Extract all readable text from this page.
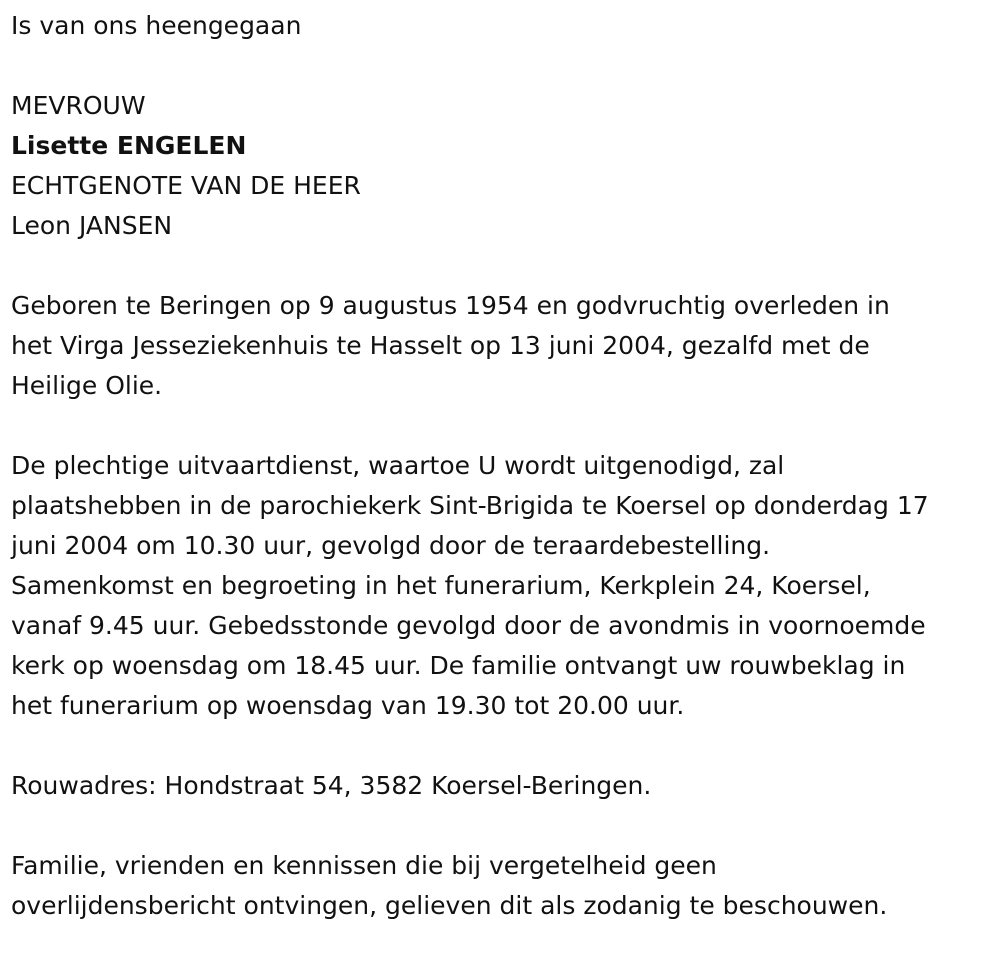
Is van ons heengegaan

MEVROUW

Lisette ENGELEN

ECHTGENOTE VAN DE HEER

Leon JANSEN

Geboren te Beringen op 9 augustus 1954 en godvruchtig overleden in
het Virga Jesseziekenhuis te Hasselt op 13 juni 2004, gezalfd met de
Heilige Olie.

De plechtige uitvaartdienst, waartoe U wordt uitgenodigd, zal
plaatshebben in de parochiekerk Sint-Brigida te Koersel op donderdag 17
juni 2004 om 10.30 uur, gevolgd door de teraardebestelling.
Samenkomst en begroeting in het funerarium, Kerkplein 24, Koersel,
vanaf 9.45 uur. Gebedsstonde gevolgd door de avondmis in voornoemde
kerk op woensdag om 18.45 uur. De familie ontvangt uw rouwbeklag in
het funerarium op woensdag van 19.30 tot 20.00 uur.

Rouwadres: Hondstraat 54, 3582 Koersel-Beringen.

Familie, vrienden en kennissen die bij vergetelheid geen
overlijdensbericht ontvingen, gelieven dit als zodanig te beschouwen.
